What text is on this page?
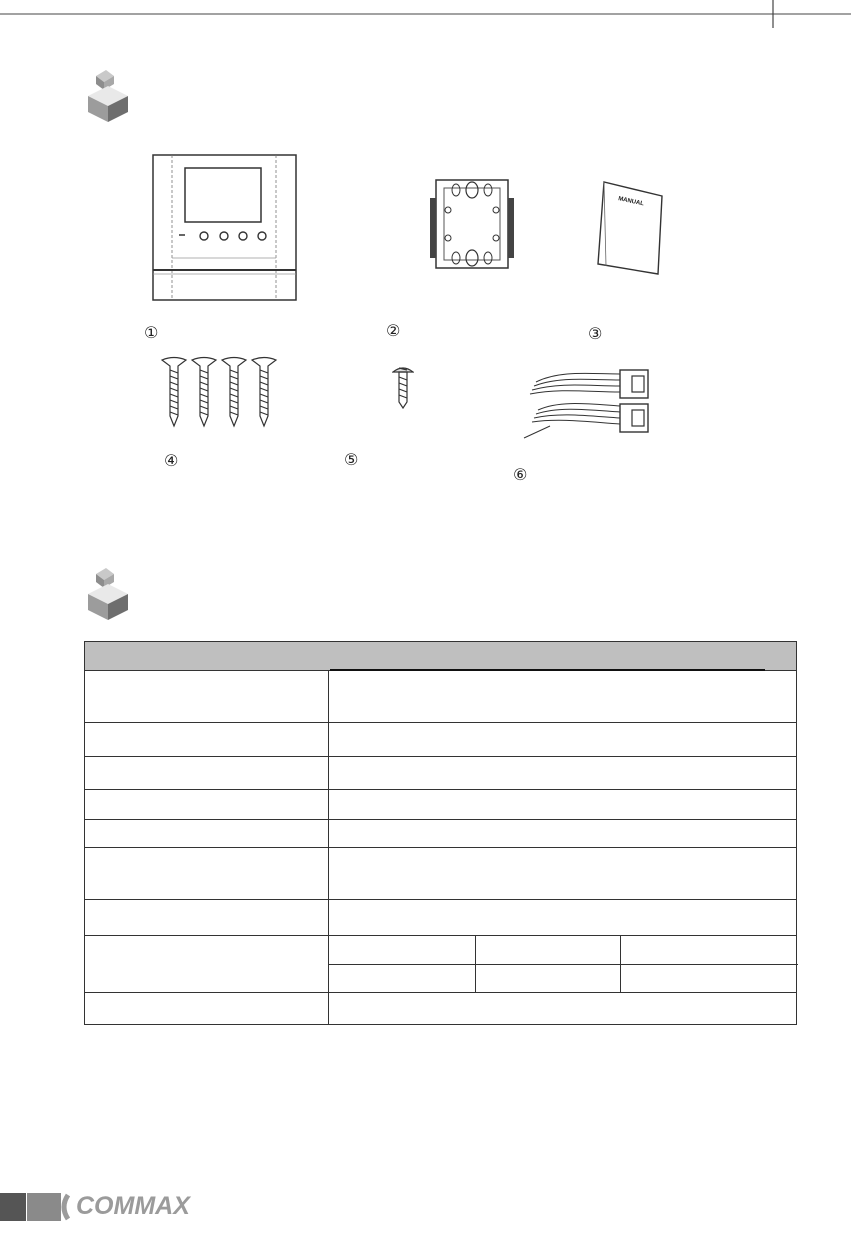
MANUAL
①	②	③
④	⑤
⑥
COMMAX
